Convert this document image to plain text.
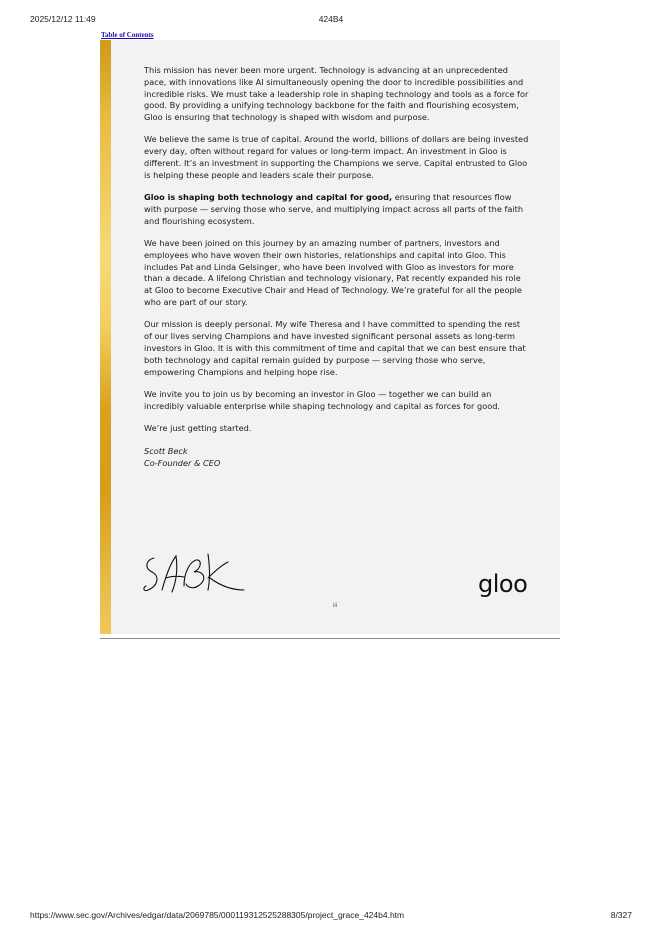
2025/12/12 11:49	424B4
Table of Contents

This mission has never been more urgent. Technology is advancing at an unprecedented pace, with innovations like AI simultaneously opening the door to incredible possibilities and incredible risks. We must take a leadership role in shaping technology and tools as a force for good. By providing a unifying technology backbone for the faith and flourishing ecosystem, Gloo is ensuring that technology is shaped with wisdom and purpose.

We believe the same is true of capital. Around the world, billions of dollars are being invested every day, often without regard for values or long-term impact. An investment in Gloo is different. It’s an investment in supporting the Champions we serve. Capital entrusted to Gloo is helping these people and leaders scale their purpose.

Gloo is shaping both technology and capital for good, ensuring that resources flow with purpose — serving those who serve, and multiplying impact across all parts of the faith and flourishing ecosystem.

We have been joined on this journey by an amazing number of partners, investors and employees who have woven their own histories, relationships and capital into Gloo. This includes Pat and Linda Gelsinger, who have been involved with Gloo as investors for more than a decade. A lifelong Christian and technology visionary, Pat recently expanded his role at Gloo to become Executive Chair and Head of Technology. We’re grateful for all the people who are part of our story.

Our mission is deeply personal. My wife Theresa and I have committed to spending the rest of our lives serving Champions and have invested significant personal assets as long-term investors in Gloo. It is with this commitment of time and capital that we can best ensure that both technology and capital remain guided by purpose — serving those who serve, empowering Champions and helping hope rise.

We invite you to join us by becoming an investor in Gloo — together we can build an incredibly valuable enterprise while shaping technology and capital as forces for good.

We’re just getting started.

Scott Beck
Co-Founder & CEO
gloo
iii
https://www.sec.gov/Archives/edgar/data/2069785/000119312525288305/project_grace_424b4.htm	8/327
